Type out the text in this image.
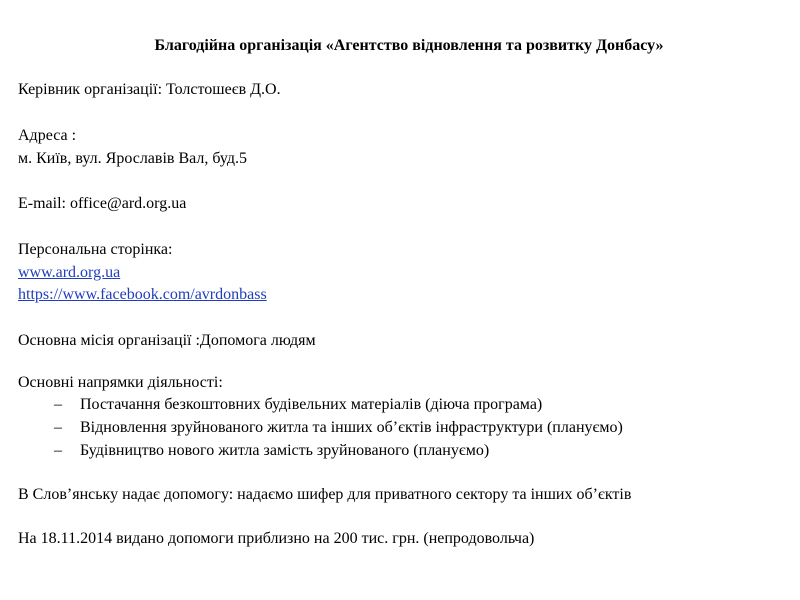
Благодійна організація «Агентство відновлення та розвитку Донбасу»
Керівник організації: Толстошеєв Д.О.
Адреса :
м. Київ, вул. Ярославів Вал, буд.5
E-mail: office@ard.org.ua
Персональна сторінка:
www.ard.org.ua
https://www.facebook.com/avrdonbass
Основна місія організації :Допомога людям
Основні напрямки діяльності:
– Постачання безкоштовних будівельних матеріалів (діюча програма)
– Відновлення зруйнованого житла та інших об’єктів інфраструктури (плануємо)
– Будівництво нового житла замість зруйнованого (плануємо)
В Слов’янську надає допомогу: надаємо шифер для приватного сектору та інших об’єктів
На 18.11.2014 видано допомоги приблизно на 200 тис. грн. (непродовольча)
